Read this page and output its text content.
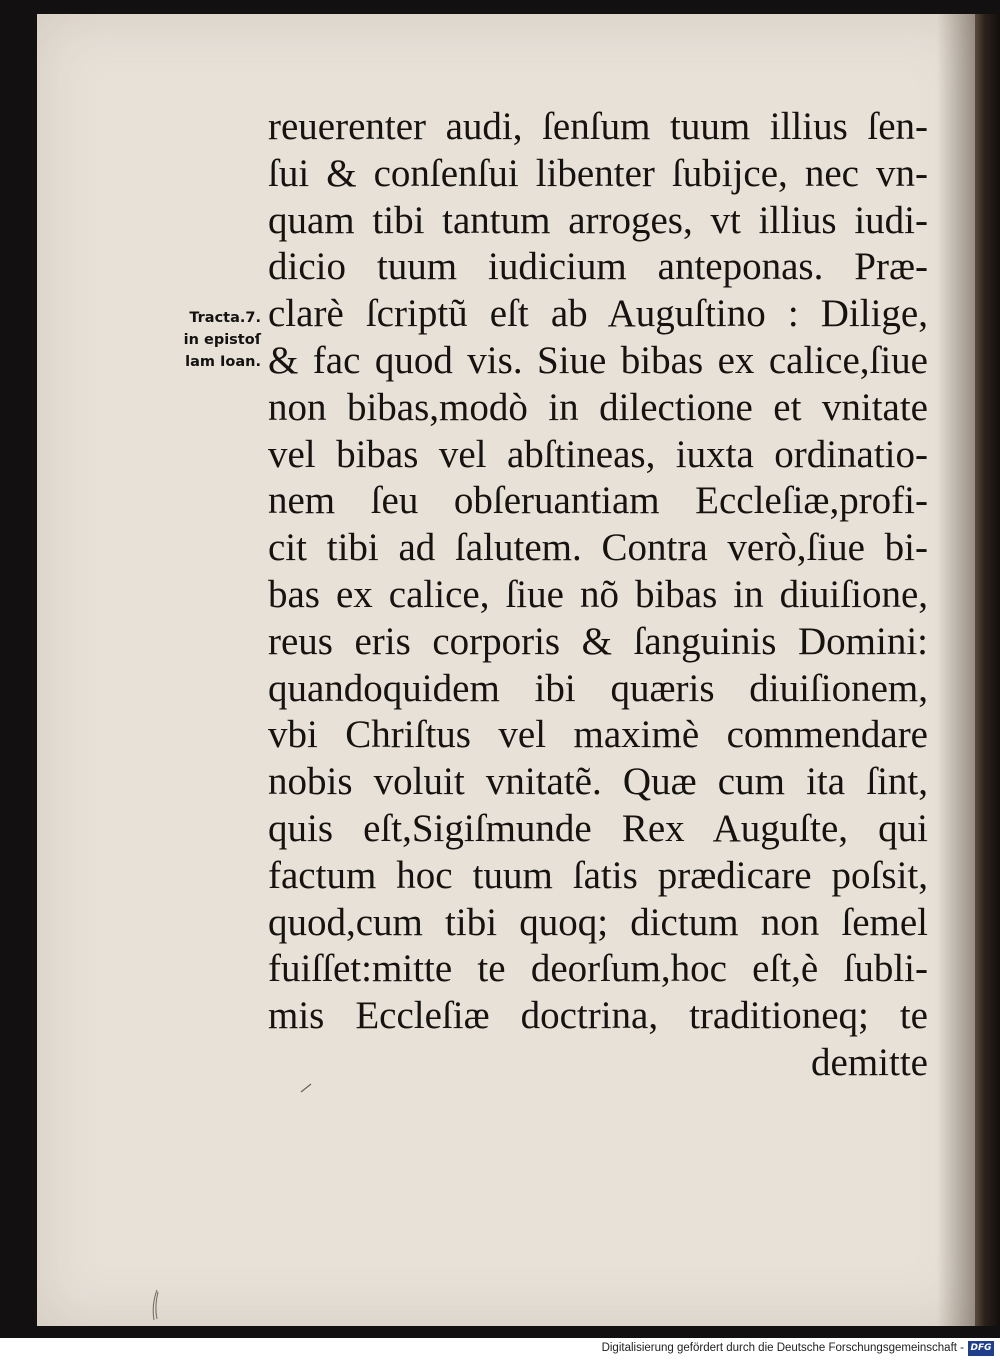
Tracta.7.
in epistoſ
lam Ioan.
reuerenter audi, ſenſum tuum illius ſen-
ſui & conſenſui libenter ſubijce, nec vn-
quam tibi tantum arroges, vt illius iudi-
dicio tuum iudicium anteponas. Præ-
clarè ſcriptũ eſt ab Auguſtino : Dilige,
& fac quod vis. Siue bibas ex calice,ſiue
non bibas,modò in dilectione et vnitate
vel bibas vel abſtineas, iuxta ordinatio-
nem ſeu obſeruantiam Eccleſiæ,profi-
cit tibi ad ſalutem. Contra verò,ſiue bi-
bas ex calice, ſiue nõ bibas in diuiſione,
reus eris corporis & ſanguinis Domini:
quandoquidem ibi quæris diuiſionem,
vbi Chriſtus vel maximè commendare
nobis voluit vnitatẽ. Quæ cum ita ſint,
quis eſt,Sigiſmunde Rex Auguſte, qui
factum hoc tuum ſatis prædicare poſsit,
quod,cum tibi quoq; dictum non ſemel
fuiſſet:mitte te deorſum,hoc eſt,è ſubli-
mis Eccleſiæ doctrina, traditioneq; te
demitte
Digitalisierung gefördert durch die Deutsche Forschungsgemeinschaft - DFG
